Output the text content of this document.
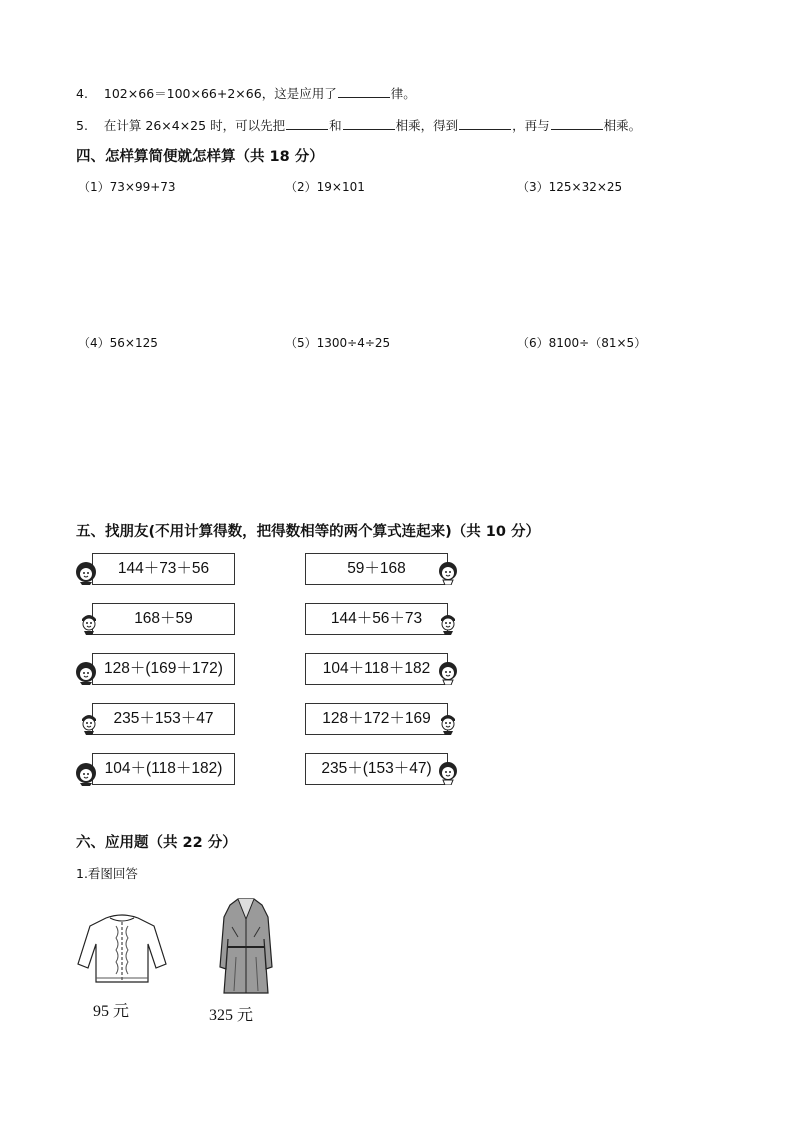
4. 102×66＝100×66+2×66，这是应用了	律。
5. 在计算 26×4×25 时，可以先把	和	相乘，得到	，再与	相乘。
四、怎样算简便就怎样算（共 18 分）
（1）73×99+73	（2）19×101	（3）125×32×25
（4）56×125	（5）1300÷4÷25	（6）8100÷（81×5）
五、找朋友(不用计算得数，把得数相等的两个算式连起来)（共 10 分）
144＋73＋56
168＋59
128＋(169＋172)
235＋153＋47
104＋(118＋182)
59＋168
144＋56＋73
104＋118＋182
128＋172＋169
235＋(153＋47)
六、应用题（共 22 分）
1.看图回答
95 元	325 元
